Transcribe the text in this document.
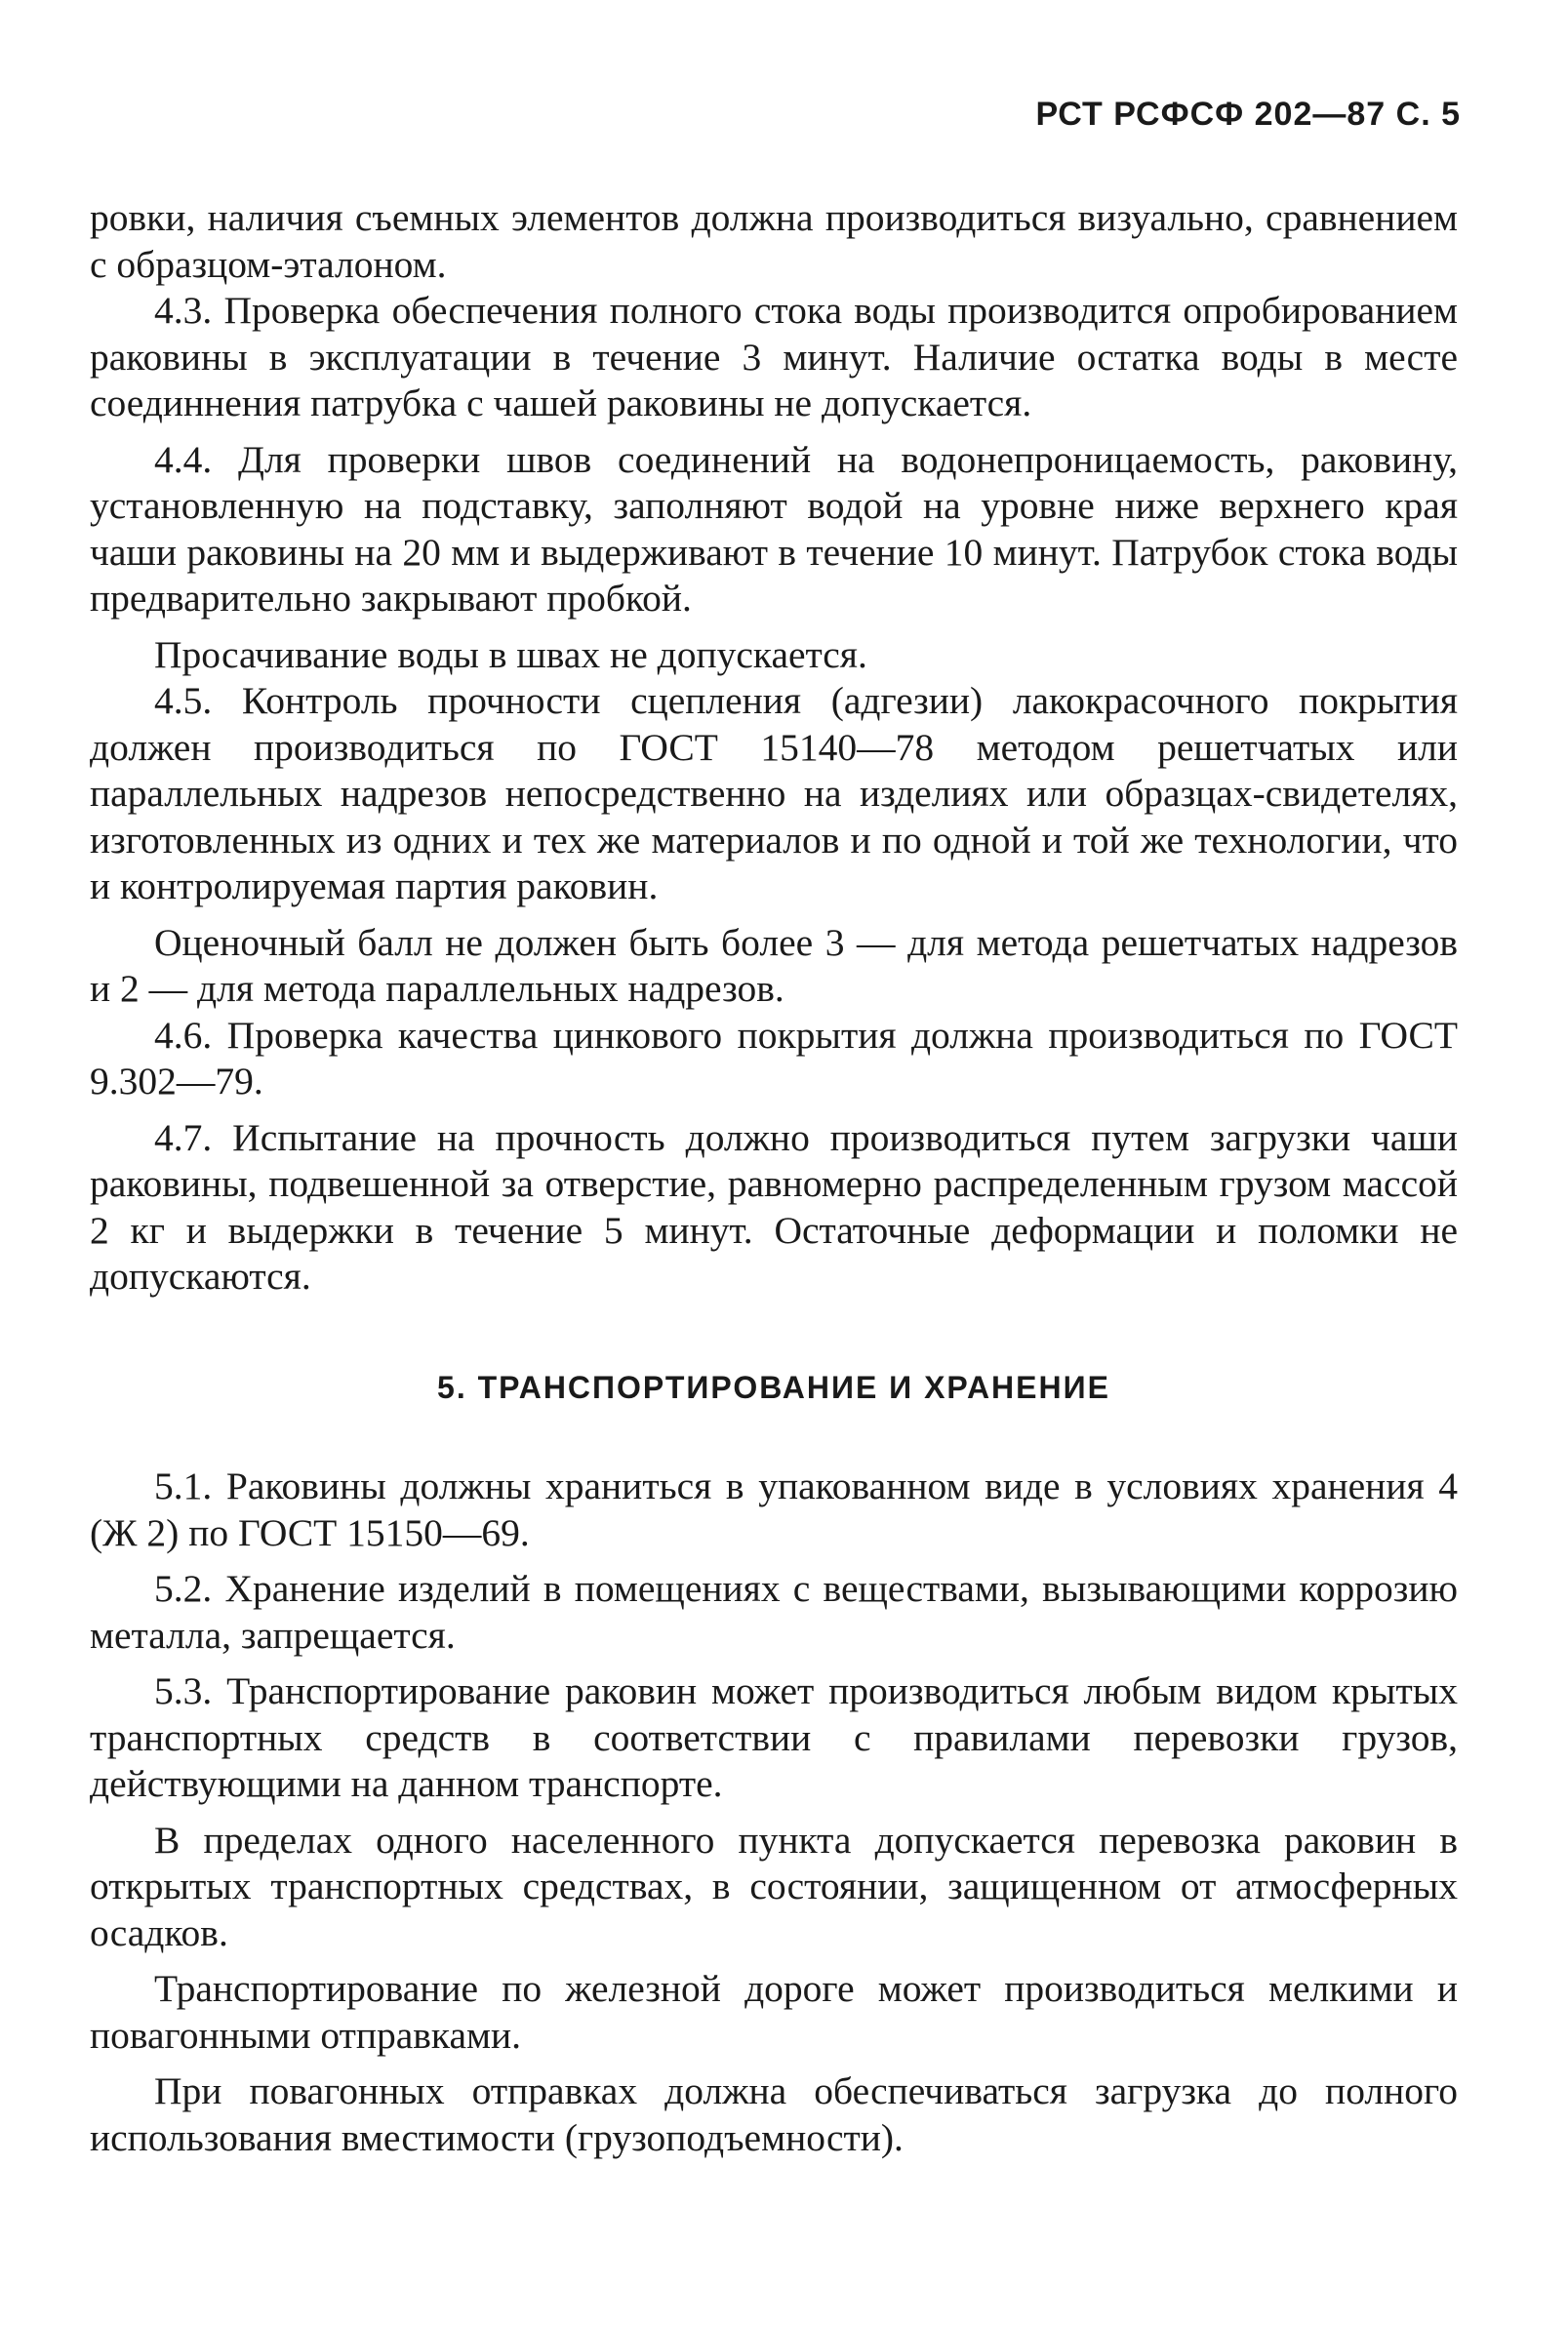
РСТ РСФСФ 202—87 С. 5

ровки, наличия съемных элементов должна производиться визуально, сравнением с образцом-эталоном.

4.3. Проверка обеспечения полного стока воды производится опробированием раковины в эксплуатации в течение 3 минут. Наличие остатка воды в месте соединнения патрубка с чашей раковины не допускается.

4.4. Для проверки швов соединений на водонепроницаемость, раковину, установленную на подставку, заполняют водой на уровне ниже верхнего края чаши раковины на 20 мм и выдерживают в течение 10 минут. Патрубок стока воды предварительно закрывают пробкой.

Просачивание воды в швах не допускается.

4.5. Контроль прочности сцепления (адгезии) лакокрасочного покрытия должен производиться по ГОСТ 15140—78 методом решетчатых или параллельных надрезов непосредственно на изделиях или образцах-свидетелях, изготовленных из одних и тех же материалов и по одной и той же технологии, что и контролируемая партия раковин.

Оценочный балл не должен быть более 3 — для метода решетчатых надрезов и 2 — для метода параллельных надрезов.

4.6. Проверка качества цинкового покрытия должна производиться по ГОСТ 9.302—79.

4.7. Испытание на прочность должно производиться путем загрузки чаши раковины, подвешенной за отверстие, равномерно распределенным грузом массой 2 кг и выдержки в течение 5 минут. Остаточные деформации и поломки не допускаются.

5. ТРАНСПОРТИРОВАНИЕ И ХРАНЕНИЕ

5.1. Раковины должны храниться в упакованном виде в условиях хранения 4 (Ж 2) по ГОСТ 15150—69.

5.2. Хранение изделий в помещениях с веществами, вызывающими коррозию металла, запрещается.

5.3. Транспортирование раковин может производиться любым видом крытых транспортных средств в соответствии с правилами перевозки грузов, действующими на данном транспорте.

В пределах одного населенного пункта допускается перевозка раковин в открытых транспортных средствах, в состоянии, защищенном от атмосферных осадков.

Транспортирование по железной дороге может производиться мелкими и повагонными отправками.

При повагонных отправках должна обеспечиваться загрузка до полного использования вместимости (грузоподъемности).
